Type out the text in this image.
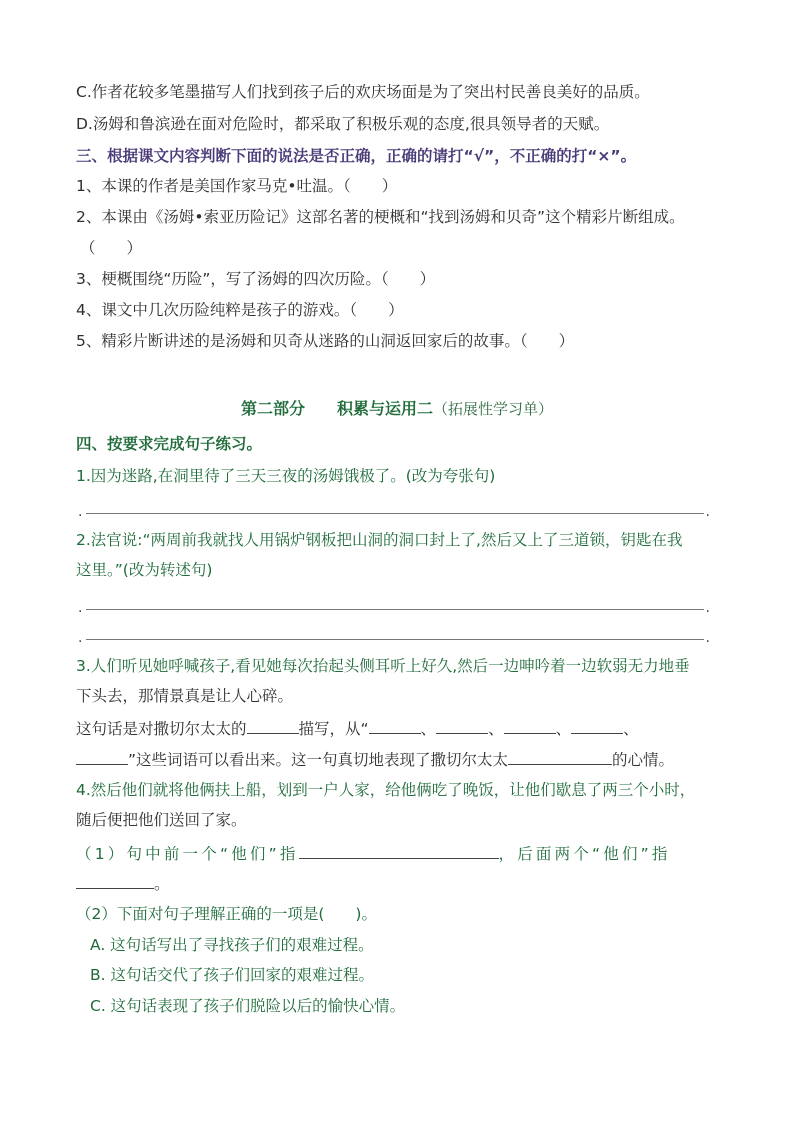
C.作者花较多笔墨描写人们找到孩子后的欢庆场面是为了突出村民善良美好的品质。
D.汤姆和鲁滨逊在面对危险时，都采取了积极乐观的态度,很具领导者的天赋。
三、根据课文内容判断下面的说法是否正确，正确的请打“√”，不正确的打“×”。
1、本课的作者是美国作家马克•吐温。（　　）
2、本课由《汤姆•索亚历险记》这部名著的梗概和“找到汤姆和贝奇”这个精彩片断组成。
（　　）
3、梗概围绕“历险”，写了汤姆的四次历险。（　　）
4、课文中几次历险纯粹是孩子的游戏。（　　）
5、精彩片断讲述的是汤姆和贝奇从迷路的山洞返回家后的故事。（　　）
第二部分 积累与运用二（拓展性学习单）
四、按要求完成句子练习。
1.因为迷路,在洞里待了三天三夜的汤姆饿极了。(改为夸张句)
.	.
2.法官说:“两周前我就找人用锅炉钢板把山洞的洞口封上了,然后又上了三道锁，钥匙在我
这里。”(改为转述句)
.	.
.	.
3.人们听见她呼喊孩子,看见她每次抬起头侧耳听上好久,然后一边呻吟着一边软弱无力地垂
下头去，那情景真是让人心碎。
这句话是对撒切尔太太的	描写，从“	、	、	、	、
”这些词语可以看出来。这一句真切地表现了撒切尔太太	的心情。
4.然后他们就将他俩扶上船，划到一户人家，给他俩吃了晚饭，让他们歇息了两三个小时，
随后便把他们送回了家。
（1）句中前一个“他们”指	，后面两个“他们”指
。
（2）下面对句子理解正确的一项是(　　)。
A. 这句话写出了寻找孩子们的艰难过程。
B. 这句话交代了孩子们回家的艰难过程。
C. 这句话表现了孩子们脱险以后的愉快心情。
